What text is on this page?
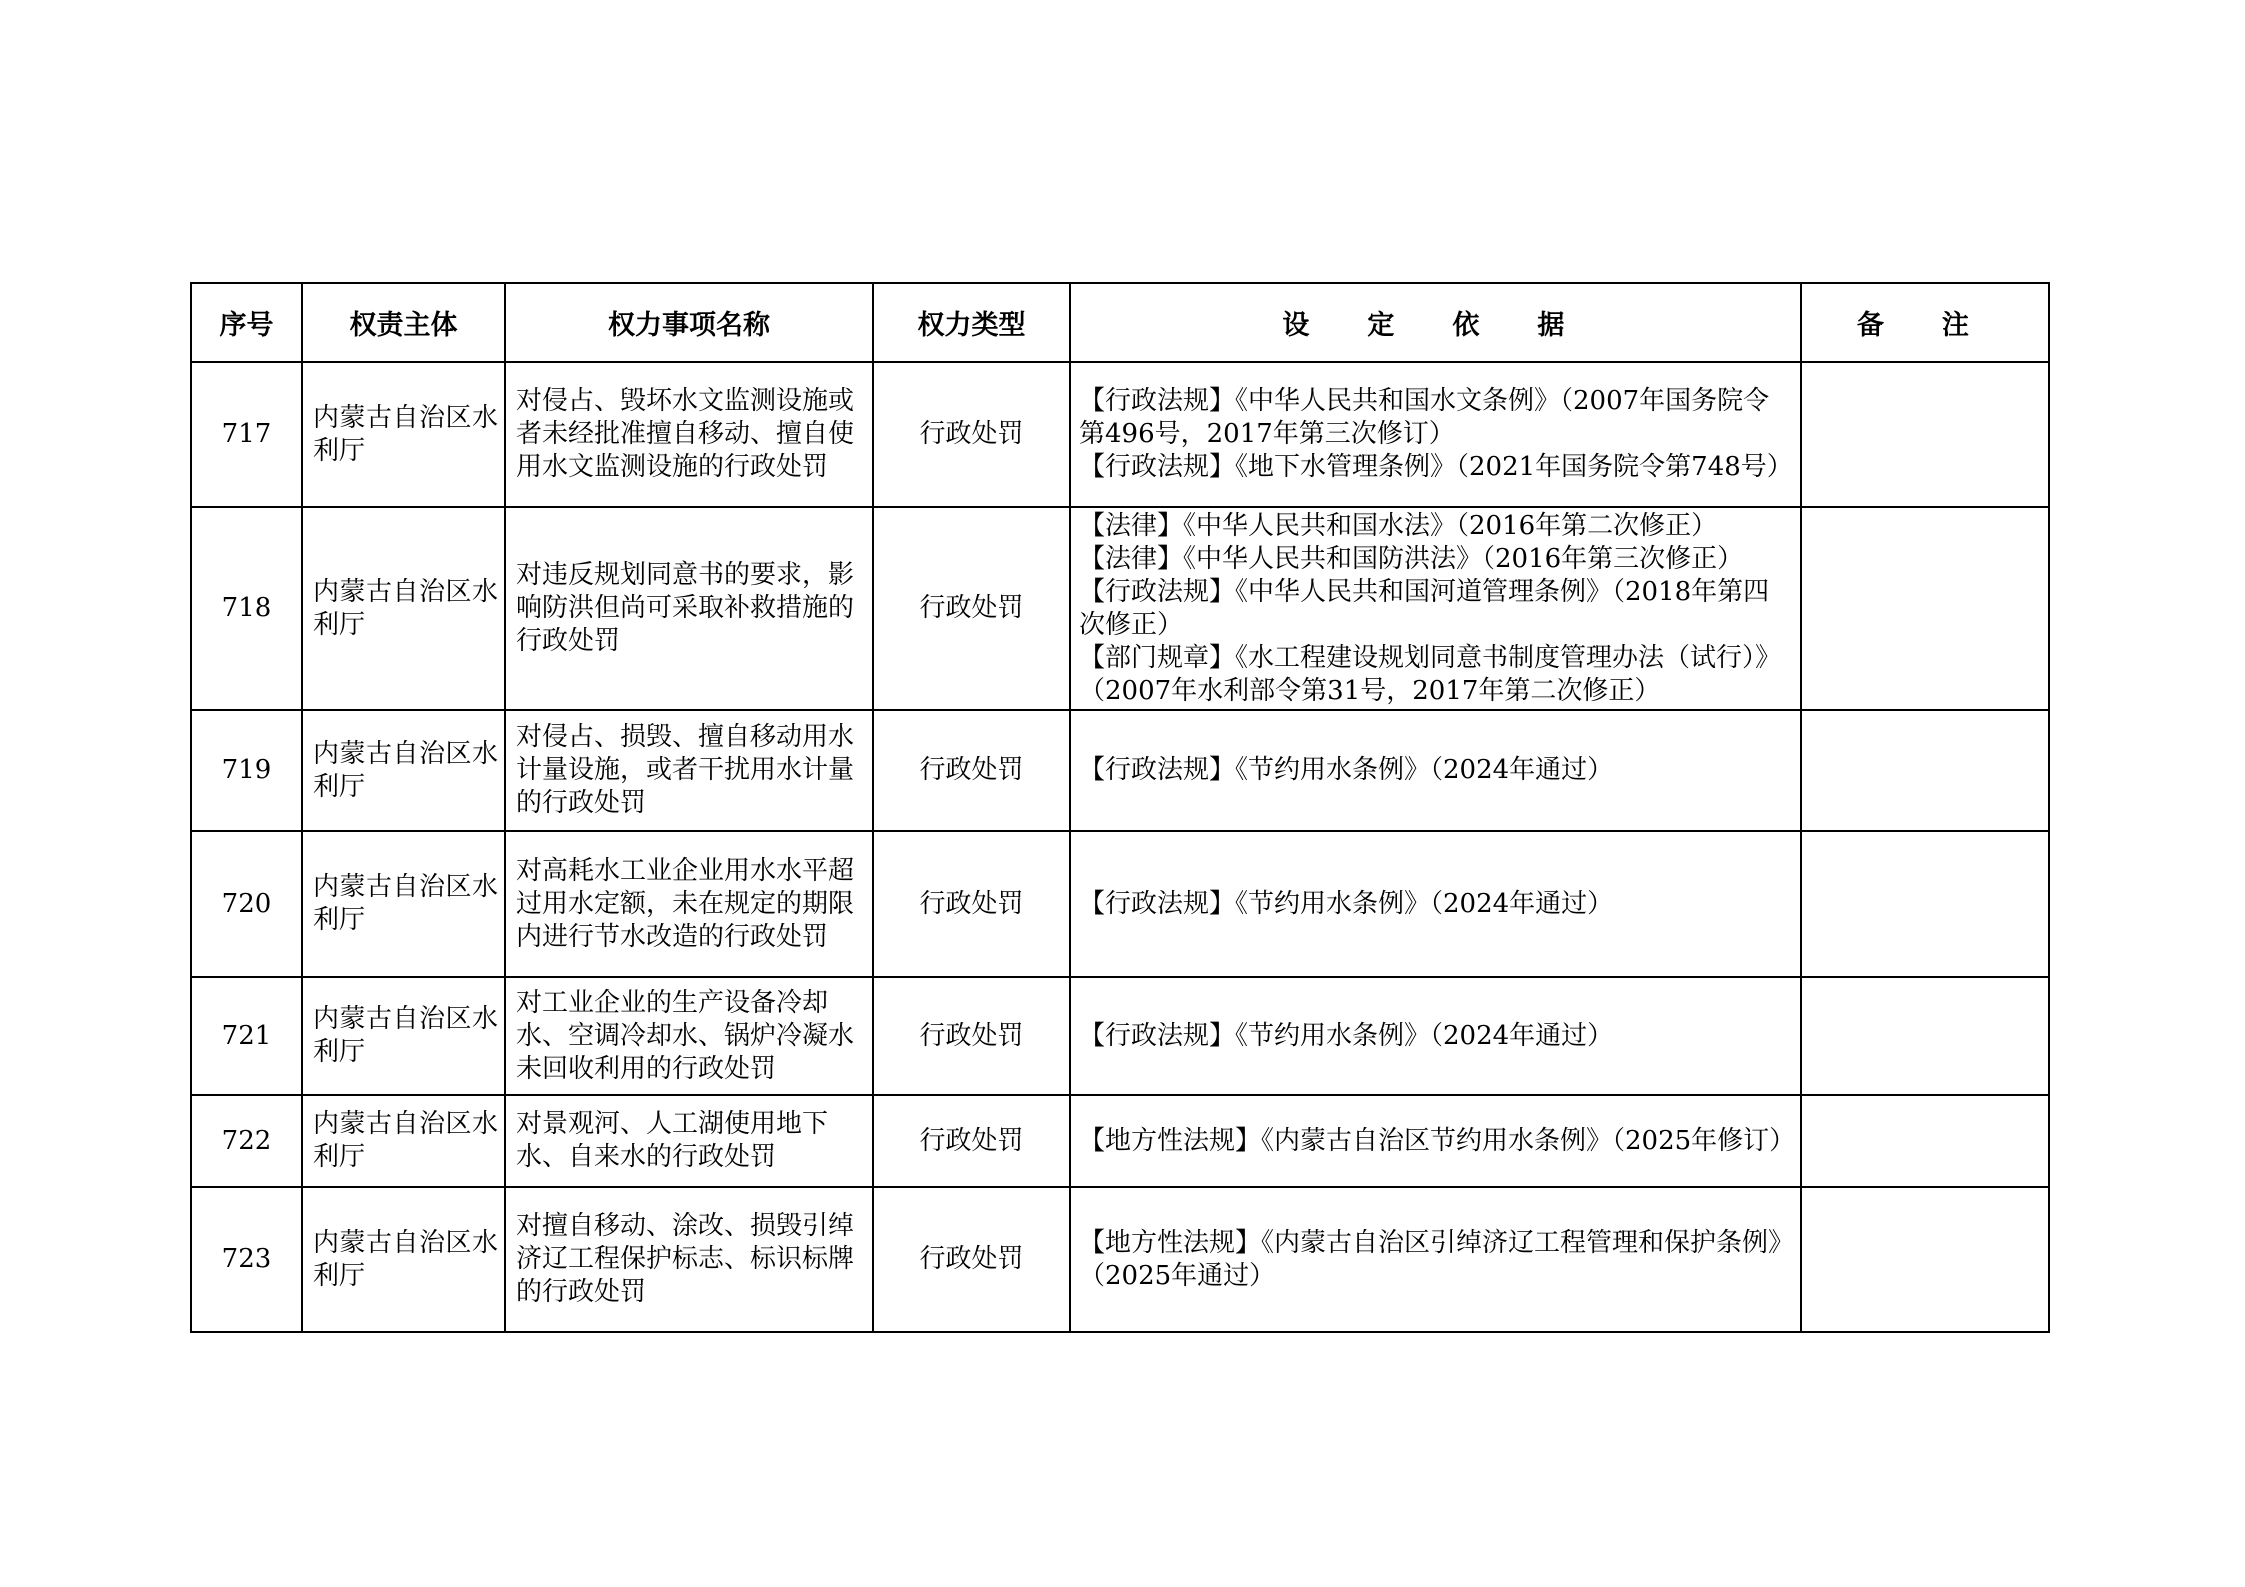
序号	权责主体	权力事项名称	权力类型	设 定 依 据	备 注
717	内蒙古自治区水利厅	对侵占、毁坏水文监测设施或者未经批准擅自移动、擅自使用水文监测设施的行政处罚	行政处罚	【行政法规】《中华人民共和国水文条例》（2007年国务院令第496号，2017年第三次修订）
【行政法规】《地下水管理条例》（2021年国务院令第748号）	

718	内蒙古自治区水利厅	对违反规划同意书的要求，影响防洪但尚可采取补救措施的行政处罚	行政处罚	【法律】《中华人民共和国水法》（2016年第二次修正）
【法律】《中华人民共和国防洪法》（2016年第三次修正）
【行政法规】《中华人民共和国河道管理条例》（2018年第四次修正）
【部门规章】《水工程建设规划同意书制度管理办法（试行）》（2007年水利部令第31号，2017年第二次修正）	

719	内蒙古自治区水利厅	对侵占、损毁、擅自移动用水计量设施，或者干扰用水计量的行政处罚	行政处罚	【行政法规】《节约用水条例》（2024年通过）	

720	内蒙古自治区水利厅	对高耗水工业企业用水水平超过用水定额，未在规定的期限内进行节水改造的行政处罚	行政处罚	【行政法规】《节约用水条例》（2024年通过）	

721	内蒙古自治区水利厅	对工业企业的生产设备冷却水、空调冷却水、锅炉冷凝水未回收利用的行政处罚	行政处罚	【行政法规】《节约用水条例》（2024年通过）	

722	内蒙古自治区水利厅	对景观河、人工湖使用地下水、自来水的行政处罚	行政处罚	【地方性法规】《内蒙古自治区节约用水条例》（2025年修订）	

723	内蒙古自治区水利厅	对擅自移动、涂改、损毁引绰济辽工程保护标志、标识标牌的行政处罚	行政处罚	【地方性法规】《内蒙古自治区引绰济辽工程管理和保护条例》（2025年通过）	
